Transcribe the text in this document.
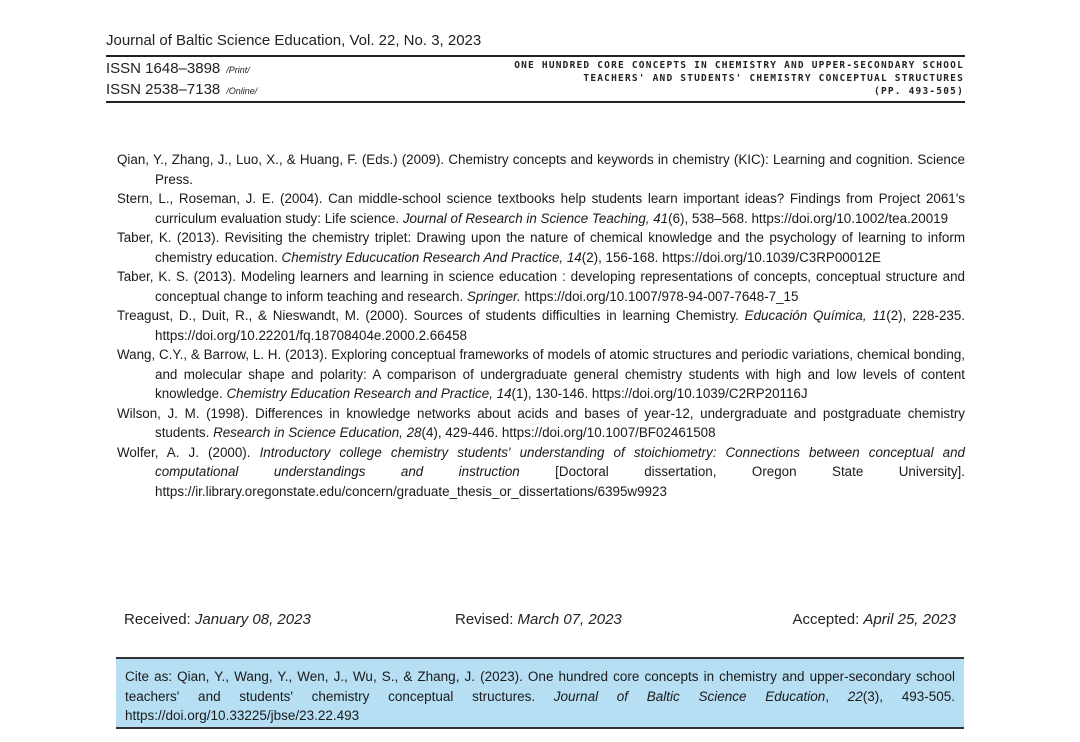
Journal of Baltic Science Education, Vol. 22, No. 3, 2023
ISSN 1648–3898 /Print/
ISSN 2538–7138 /Online/
ONE HUNDRED CORE CONCEPTS IN CHEMISTRY AND UPPER-SECONDARY SCHOOL
TEACHERS' AND STUDENTS' CHEMISTRY CONCEPTUAL STRUCTURES
(PP. 493-505)

Qian, Y., Zhang, J., Luo, X., & Huang, F. (Eds.) (2009). Chemistry concepts and keywords in chemistry (KIC): Learning and cognition. Science Press.

Stern, L., Roseman, J. E. (2004). Can middle-school science textbooks help students learn important ideas? Findings from Project 2061's curriculum evaluation study: Life science. Journal of Research in Science Teaching, 41(6), 538–568. https://doi.org/10.1002/tea.20019

Taber, K. (2013). Revisiting the chemistry triplet: Drawing upon the nature of chemical knowledge and the psychology of learning to inform chemistry education. Chemistry Educucation Research And Practice, 14(2), 156-168. https://doi.org/10.1039/C3RP00012E

Taber, K. S. (2013). Modeling learners and learning in science education : developing representations of concepts, conceptual structure and conceptual change to inform teaching and research. Springer. https://doi.org/10.1007/978-94-007-7648-7_15

Treagust, D., Duit, R., & Nieswandt, M. (2000). Sources of students difficulties in learning Chemistry. Educación Química, 11(2), 228-235. https://doi.org/10.22201/fq.18708404e.2000.2.66458

Wang, C.Y., & Barrow, L. H. (2013). Exploring conceptual frameworks of models of atomic structures and periodic variations, chemical bonding, and molecular shape and polarity: A comparison of undergraduate general chemistry students with high and low levels of content knowledge. Chemistry Education Research and Practice, 14(1), 130-146. https://doi.org/10.1039/C2RP20116J

Wilson, J. M. (1998). Differences in knowledge networks about acids and bases of year-12, undergraduate and postgraduate chemistry students. Research in Science Education, 28(4), 429-446. https://doi.org/10.1007/BF02461508

Wolfer, A. J. (2000). Introductory college chemistry students' understanding of stoichiometry: Connections between conceptual and computational understandings and instruction [Doctoral dissertation, Oregon State University]. https://ir.library.oregonstate.edu/concern/graduate_thesis_or_dissertations/6395w9923

Received: January 08, 2023	Revised: March 07, 2023	Accepted: April 25, 2023
Cite as: Qian, Y., Wang, Y., Wen, J., Wu, S., & Zhang, J. (2023). One hundred core concepts in chemistry and upper-secondary school teachers' and students' chemistry conceptual structures. Journal of Baltic Science Education, 22(3), 493-505. https://doi.org/10.33225/jbse/23.22.493
